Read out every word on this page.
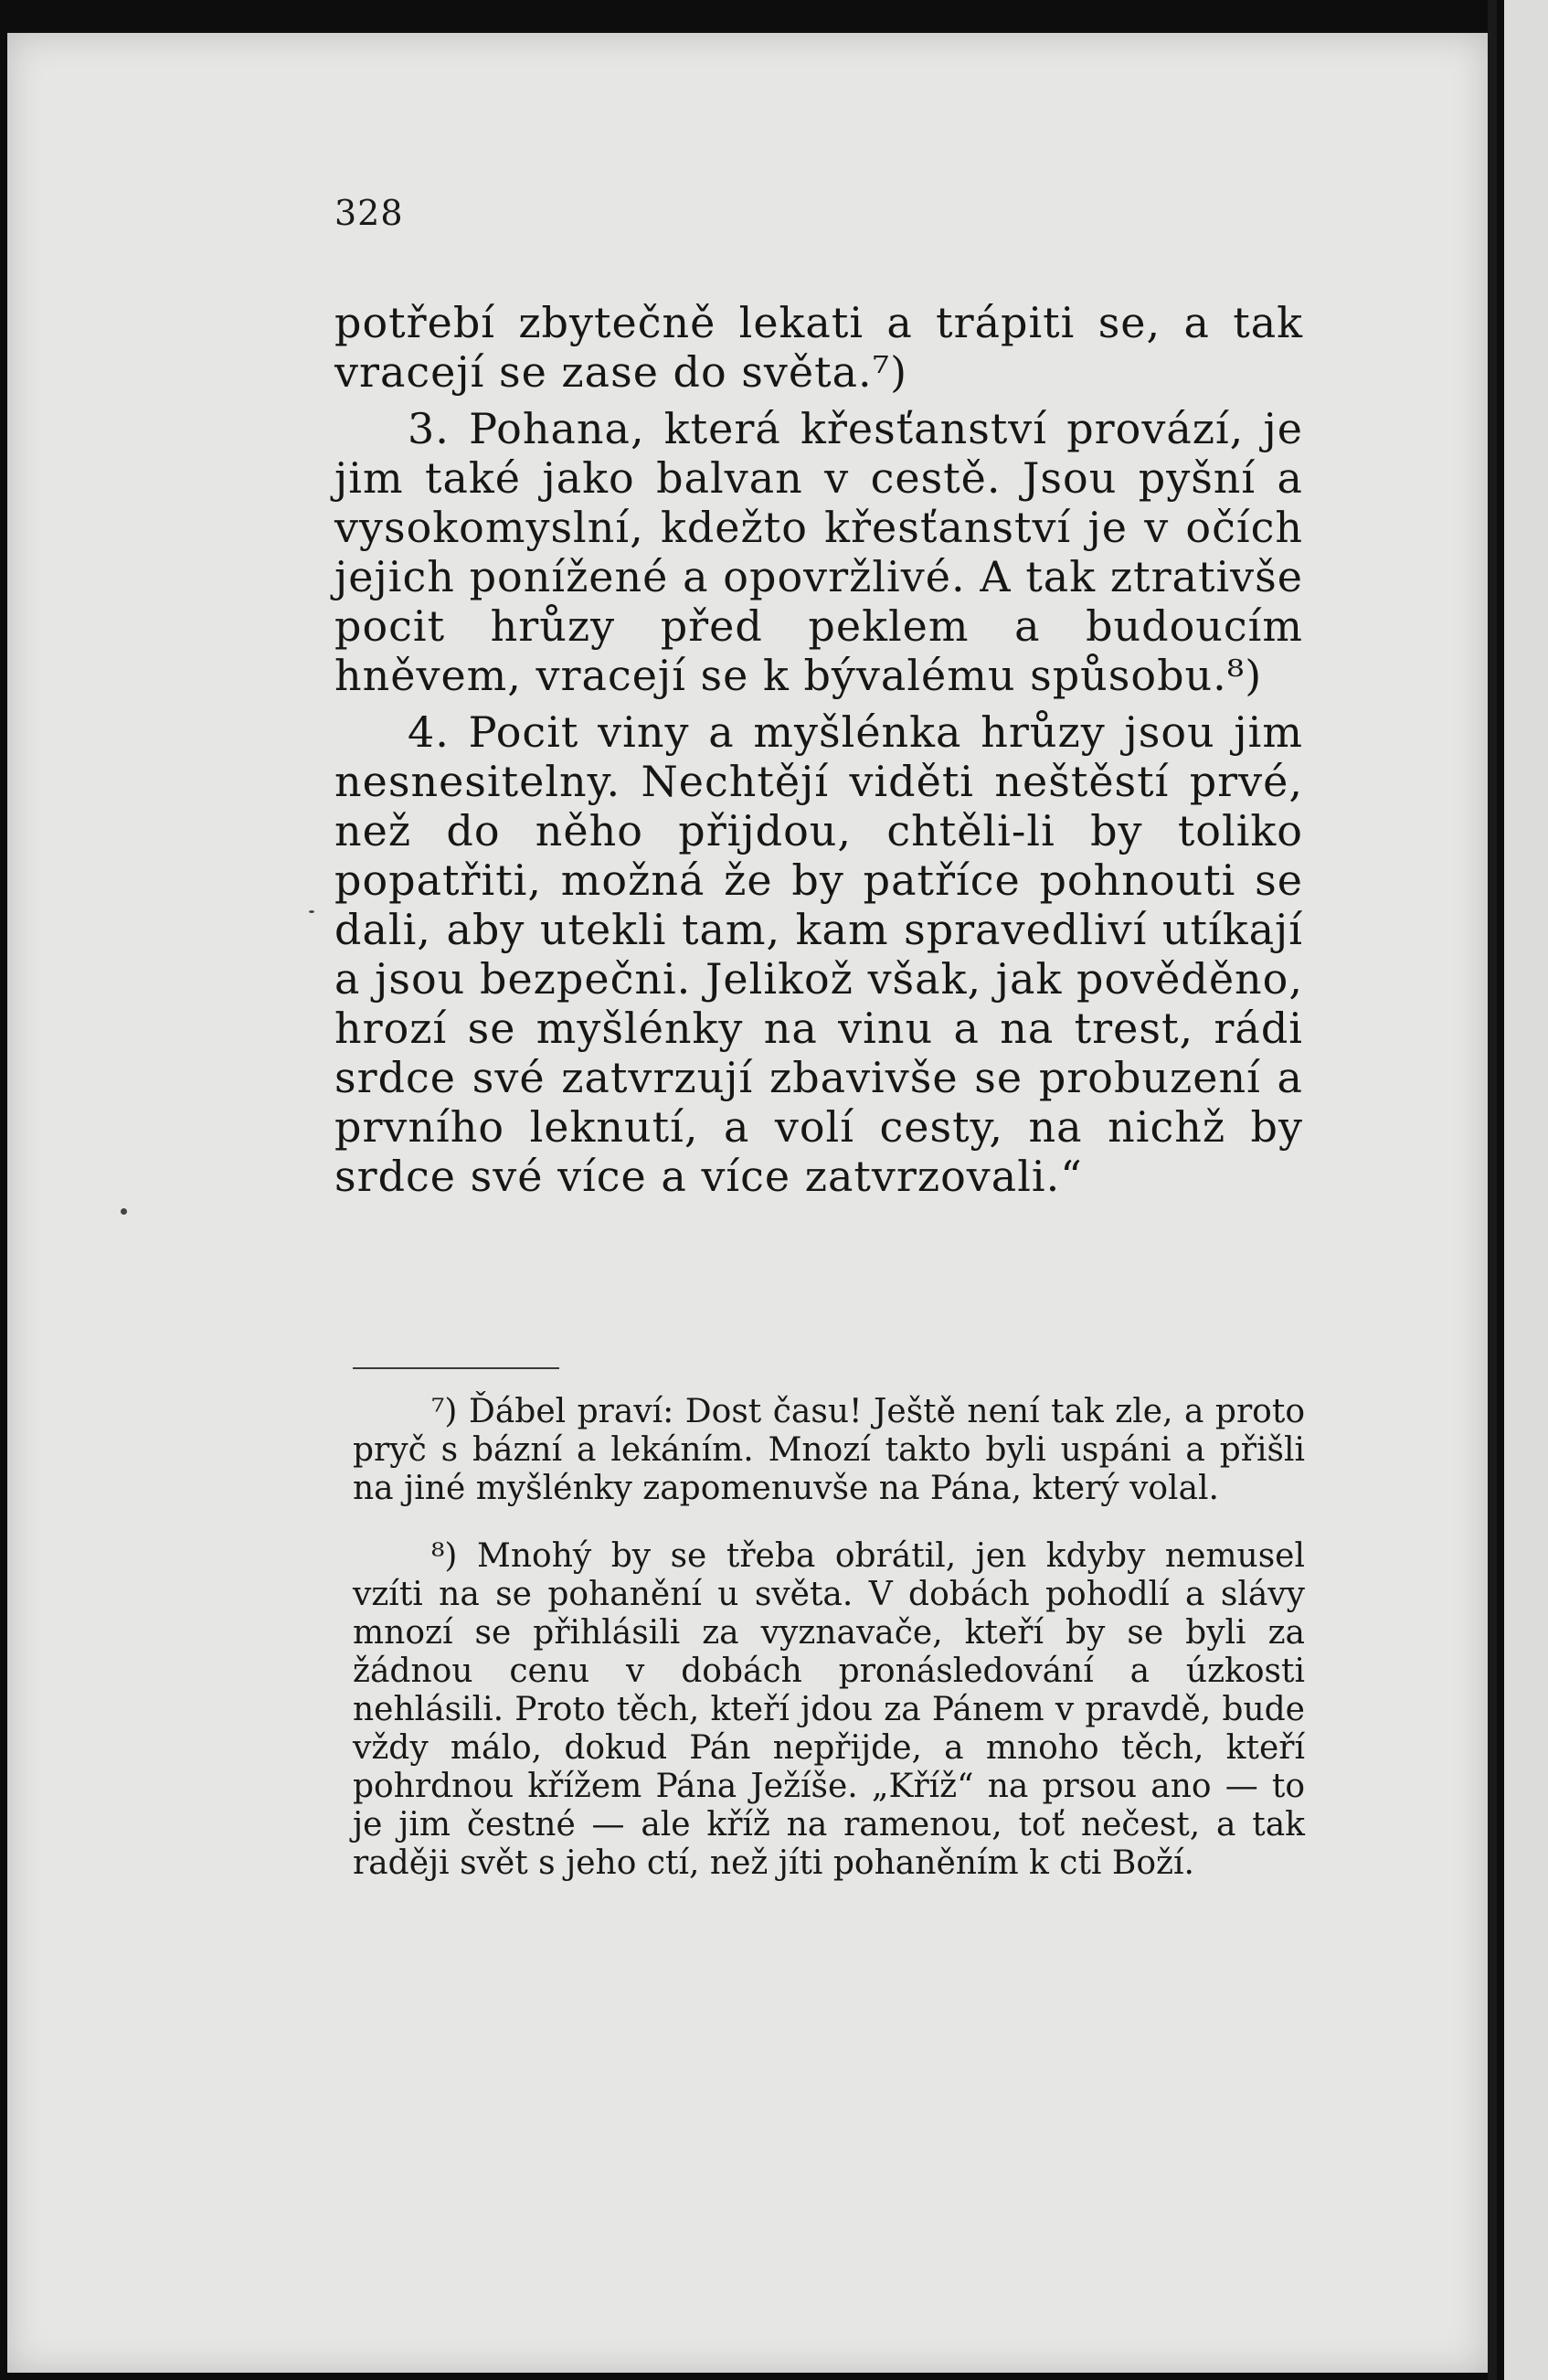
328

potřebí zbytečně lekati a trápiti se, a tak vracejí se zase do světa.⁷)

3. Pohana, která křesťanství provází, je jim také jako balvan v cestě. Jsou pyšní a vysokomyslní, kdežto křesťanství je v očích jejich ponížené a opovržlivé. A tak ztrativše pocit hrůzy před peklem a budoucím hněvem, vracejí se k bývalému spůsobu.⁸)

4. Pocit viny a myšlénka hrůzy jsou jim nesnesitelny. Nechtějí viděti neštěstí prvé, než do něho přijdou, chtěli-li by toliko popatřiti, možná že by patříce pohnouti se dali, aby utekli tam, kam spravedliví utíkají a jsou bezpečni. Jelikož však, jak pověděno, hrozí se myšlénky na vinu a na trest, rádi srdce své zatvrzují zbavivše se probuzení a prvního leknutí, a volí cesty, na nichž by srdce své více a více zatvrzovali.“

⁷) Ďábel praví: Dost času! Ještě není tak zle, a proto pryč s bázní a lekáním. Mnozí takto byli uspáni a přišli na jiné myšlénky zapomenuvše na Pána, který volal.

⁸) Mnohý by se třeba obrátil, jen kdyby nemusel vzíti na se pohanění u světa. V dobách pohodlí a slávy mnozí se přihlásili za vyznavače, kteří by se byli za žádnou cenu v dobách pronásledování a úzkosti nehlásili. Proto těch, kteří jdou za Pánem v pravdě, bude vždy málo, dokud Pán nepřijde, a mnoho těch, kteří pohrdnou křížem Pána Ježíše. „Kříž“ na prsou ano — to je jim čestné — ale kříž na ramenou, toť nečest, a tak raději svět s jeho ctí, než jíti pohaněním k cti Boží.
